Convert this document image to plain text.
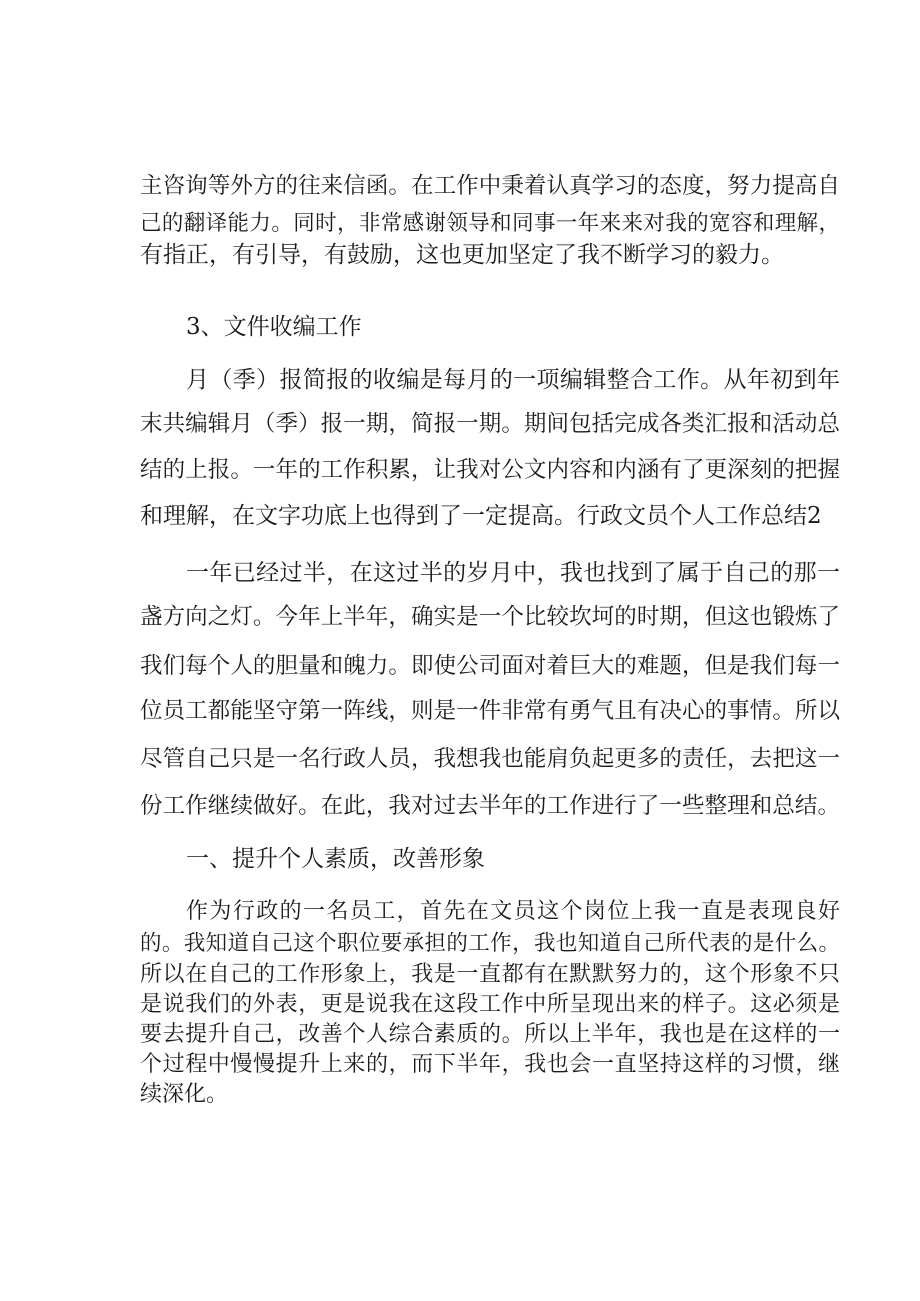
主咨询等外方的往来信函。在工作中秉着认真学习的态度，努力提高自
己的翻译能力。同时，非常感谢领导和同事一年来来对我的宽容和理解，
有指正，有引导，有鼓励，这也更加坚定了我不断学习的毅力。
3、文件收编工作
月（季）报简报的收编是每月的一项编辑整合工作。从年初到年
末共编辑月（季）报一期，简报一期。期间包括完成各类汇报和活动总
结的上报。一年的工作积累，让我对公文内容和内涵有了更深刻的把握
和理解，在文字功底上也得到了一定提高。行政文员个人工作总结2
一年已经过半，在这过半的岁月中，我也找到了属于自己的那一
盏方向之灯。今年上半年，确实是一个比较坎坷的时期，但这也锻炼了
我们每个人的胆量和魄力。即使公司面对着巨大的难题，但是我们每一
位员工都能坚守第一阵线，则是一件非常有勇气且有决心的事情。所以
尽管自己只是一名行政人员，我想我也能肩负起更多的责任，去把这一
份工作继续做好。在此，我对过去半年的工作进行了一些整理和总结。
一、提升个人素质，改善形象
作为行政的一名员工，首先在文员这个岗位上我一直是表现良好
的。我知道自己这个职位要承担的工作，我也知道自己所代表的是什么。
所以在自己的工作形象上，我是一直都有在默默努力的，这个形象不只
是说我们的外表，更是说我在这段工作中所呈现出来的样子。这必须是
要去提升自己，改善个人综合素质的。所以上半年，我也是在这样的一
个过程中慢慢提升上来的，而下半年，我也会一直坚持这样的习惯，继
续深化。
